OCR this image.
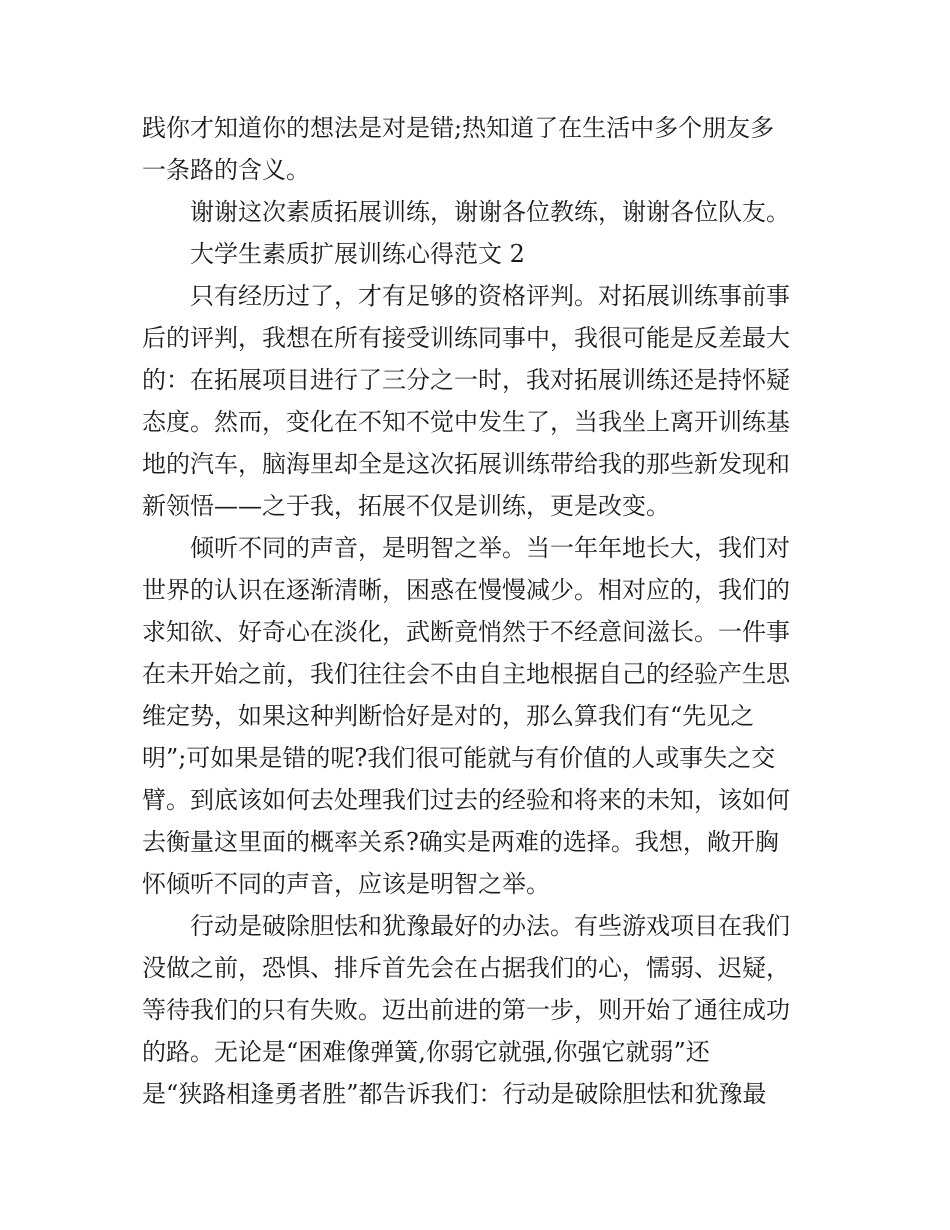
践你才知道你的想法是对是错;热知道了在生活中多个朋友多
一条路的含义。
谢谢这次素质拓展训练，谢谢各位教练，谢谢各位队友。
大学生素质扩展训练心得范文 2
只有经历过了，才有足够的资格评判。对拓展训练事前事
后的评判，我想在所有接受训练同事中，我很可能是反差最大
的：在拓展项目进行了三分之一时，我对拓展训练还是持怀疑
态度。然而，变化在不知不觉中发生了，当我坐上离开训练基
地的汽车，脑海里却全是这次拓展训练带给我的那些新发现和
新领悟——之于我，拓展不仅是训练，更是改变。
倾听不同的声音，是明智之举。当一年年地长大，我们对
世界的认识在逐渐清晰，困惑在慢慢减少。相对应的，我们的
求知欲、好奇心在淡化，武断竟悄然于不经意间滋长。一件事
在未开始之前，我们往往会不由自主地根据自己的经验产生思
维定势，如果这种判断恰好是对的，那么算我们有“先见之
明”;可如果是错的呢?我们很可能就与有价值的人或事失之交
臂。到底该如何去处理我们过去的经验和将来的未知，该如何
去衡量这里面的概率关系?确实是两难的选择。我想，敞开胸
怀倾听不同的声音，应该是明智之举。
行动是破除胆怯和犹豫最好的办法。有些游戏项目在我们
没做之前，恐惧、排斥首先会在占据我们的心，懦弱、迟疑，
等待我们的只有失败。迈出前进的第一步，则开始了通往成功
的路。无论是“困难像弹簧,你弱它就强,你强它就弱”还
是“狭路相逢勇者胜”都告诉我们：行动是破除胆怯和犹豫最
